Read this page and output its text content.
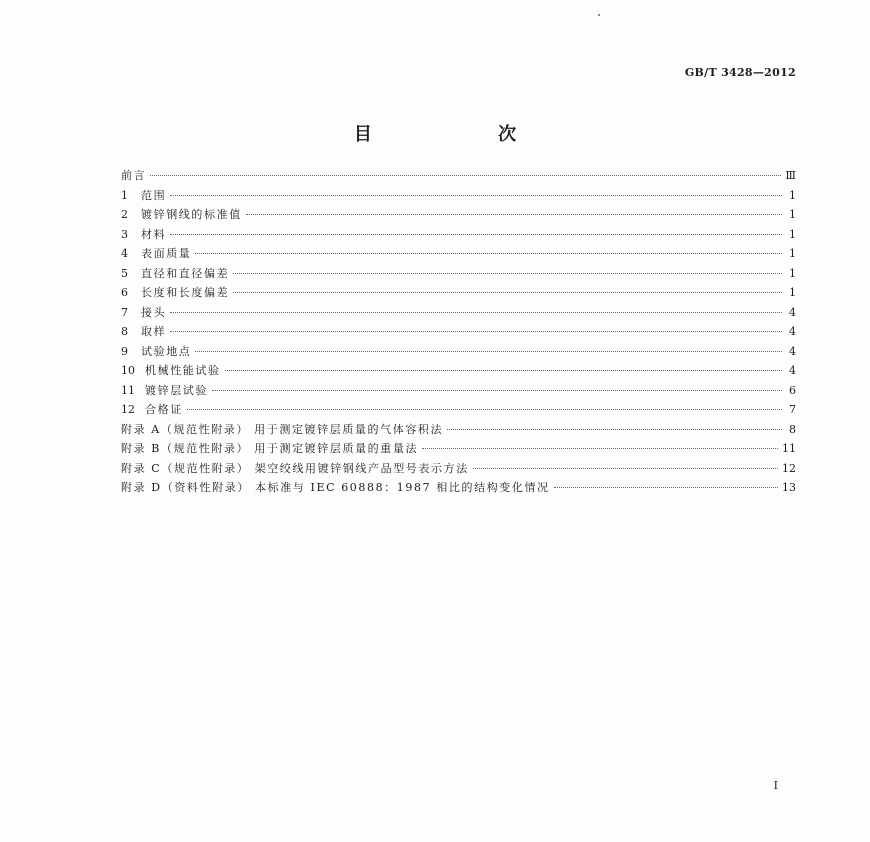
GB/T 3428—2012
目 次
前言	Ⅲ
1	范围	1
2	镀锌钢线的标准值	1
3	材料	1
4	表面质量	1
5	直径和直径偏差	1
6	长度和长度偏差	1
7	接头	4
8	取样	4
9	试验地点	4
10 机械性能试验	4
11 镀锌层试验	6
12 合格证	7
附录 A（规范性附录） 用于测定镀锌层质量的气体容积法	8
附录 B（规范性附录） 用于测定镀锌层质量的重量法	11
附录 C（规范性附录） 架空绞线用镀锌钢线产品型号表示方法	12
附录 D（资料性附录） 本标准与 IEC 60888：1987 相比的结构变化情况	13
I
